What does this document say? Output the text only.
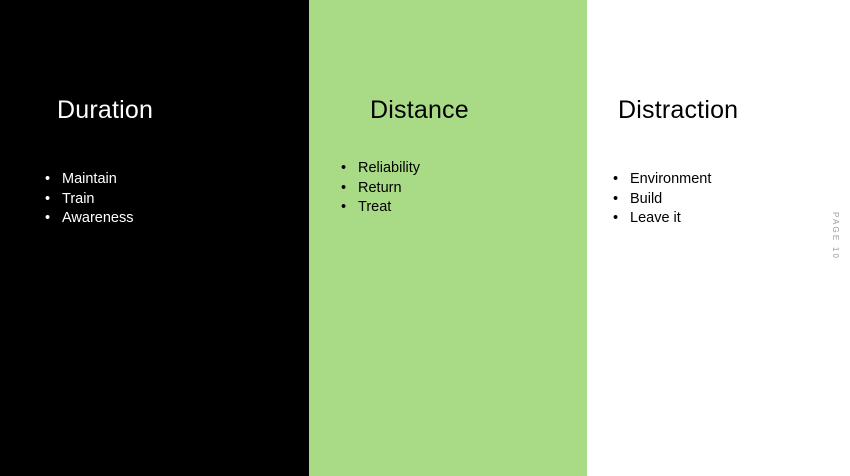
Duration
• Maintain
• Train
• Awareness
Distance
• Reliability
• Return
• Treat
Distraction
• Environment
• Build
• Leave it	PAGE 10
